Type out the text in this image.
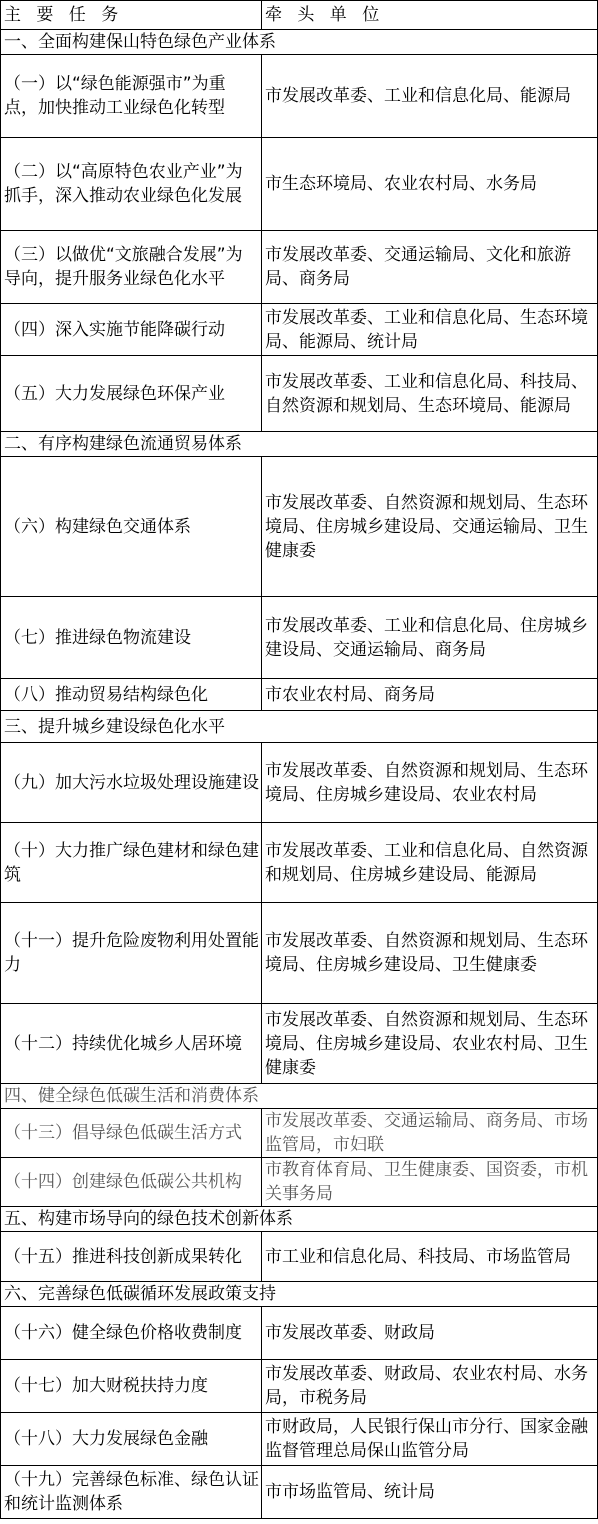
主 要 任 务	牵 头 单 位
一、全面构建保山特色绿色产业体系	
（一）以“绿色能源强市”为重点，加快推动工业绿色化转型	市发展改革委、工业和信息化局、能源局
（二）以“高原特色农业产业”为抓手，深入推动农业绿色化发展	市生态环境局、农业农村局、水务局
（三）以做优“文旅融合发展”为导向，提升服务业绿色化水平	市发展改革委、交通运输局、文化和旅游局、商务局
（四）深入实施节能降碳行动	市发展改革委、工业和信息化局、生态环境局、能源局、统计局
（五）大力发展绿色环保产业	市发展改革委、工业和信息化局、科技局、自然资源和规划局、生态环境局、能源局
二、有序构建绿色流通贸易体系	
（六）构建绿色交通体系	市发展改革委、自然资源和规划局、生态环境局、住房城乡建设局、交通运输局、卫生健康委
（七）推进绿色物流建设	市发展改革委、工业和信息化局、住房城乡建设局、交通运输局、商务局
（八）推动贸易结构绿色化	市农业农村局、商务局
三、提升城乡建设绿色化水平	
（九）加大污水垃圾处理设施建设	市发展改革委、自然资源和规划局、生态环境局、住房城乡建设局、农业农村局
（十）大力推广绿色建材和绿色建筑	市发展改革委、工业和信息化局、自然资源和规划局、住房城乡建设局、能源局
（十一）提升危险废物利用处置能力	市发展改革委、自然资源和规划局、生态环境局、住房城乡建设局、卫生健康委
（十二）持续优化城乡人居环境	市发展改革委、自然资源和规划局、生态环境局、住房城乡建设局、农业农村局、卫生健康委
四、健全绿色低碳生活和消费体系	
（十三）倡导绿色低碳生活方式	市发展改革委、交通运输局、商务局、市场监管局，市妇联
（十四）创建绿色低碳公共机构	市教育体育局、卫生健康委、国资委，市机关事务局
五、构建市场导向的绿色技术创新体系	
（十五）推进科技创新成果转化	市工业和信息化局、科技局、市场监管局
六、完善绿色低碳循环发展政策支持	
（十六）健全绿色价格收费制度	市发展改革委、财政局
（十七）加大财税扶持力度	市发展改革委、财政局、农业农村局、水务局，市税务局
（十八）大力发展绿色金融	市财政局，人民银行保山市分行、国家金融监督管理总局保山监管分局
（十九）完善绿色标准、绿色认证和统计监测体系	市市场监管局、统计局
